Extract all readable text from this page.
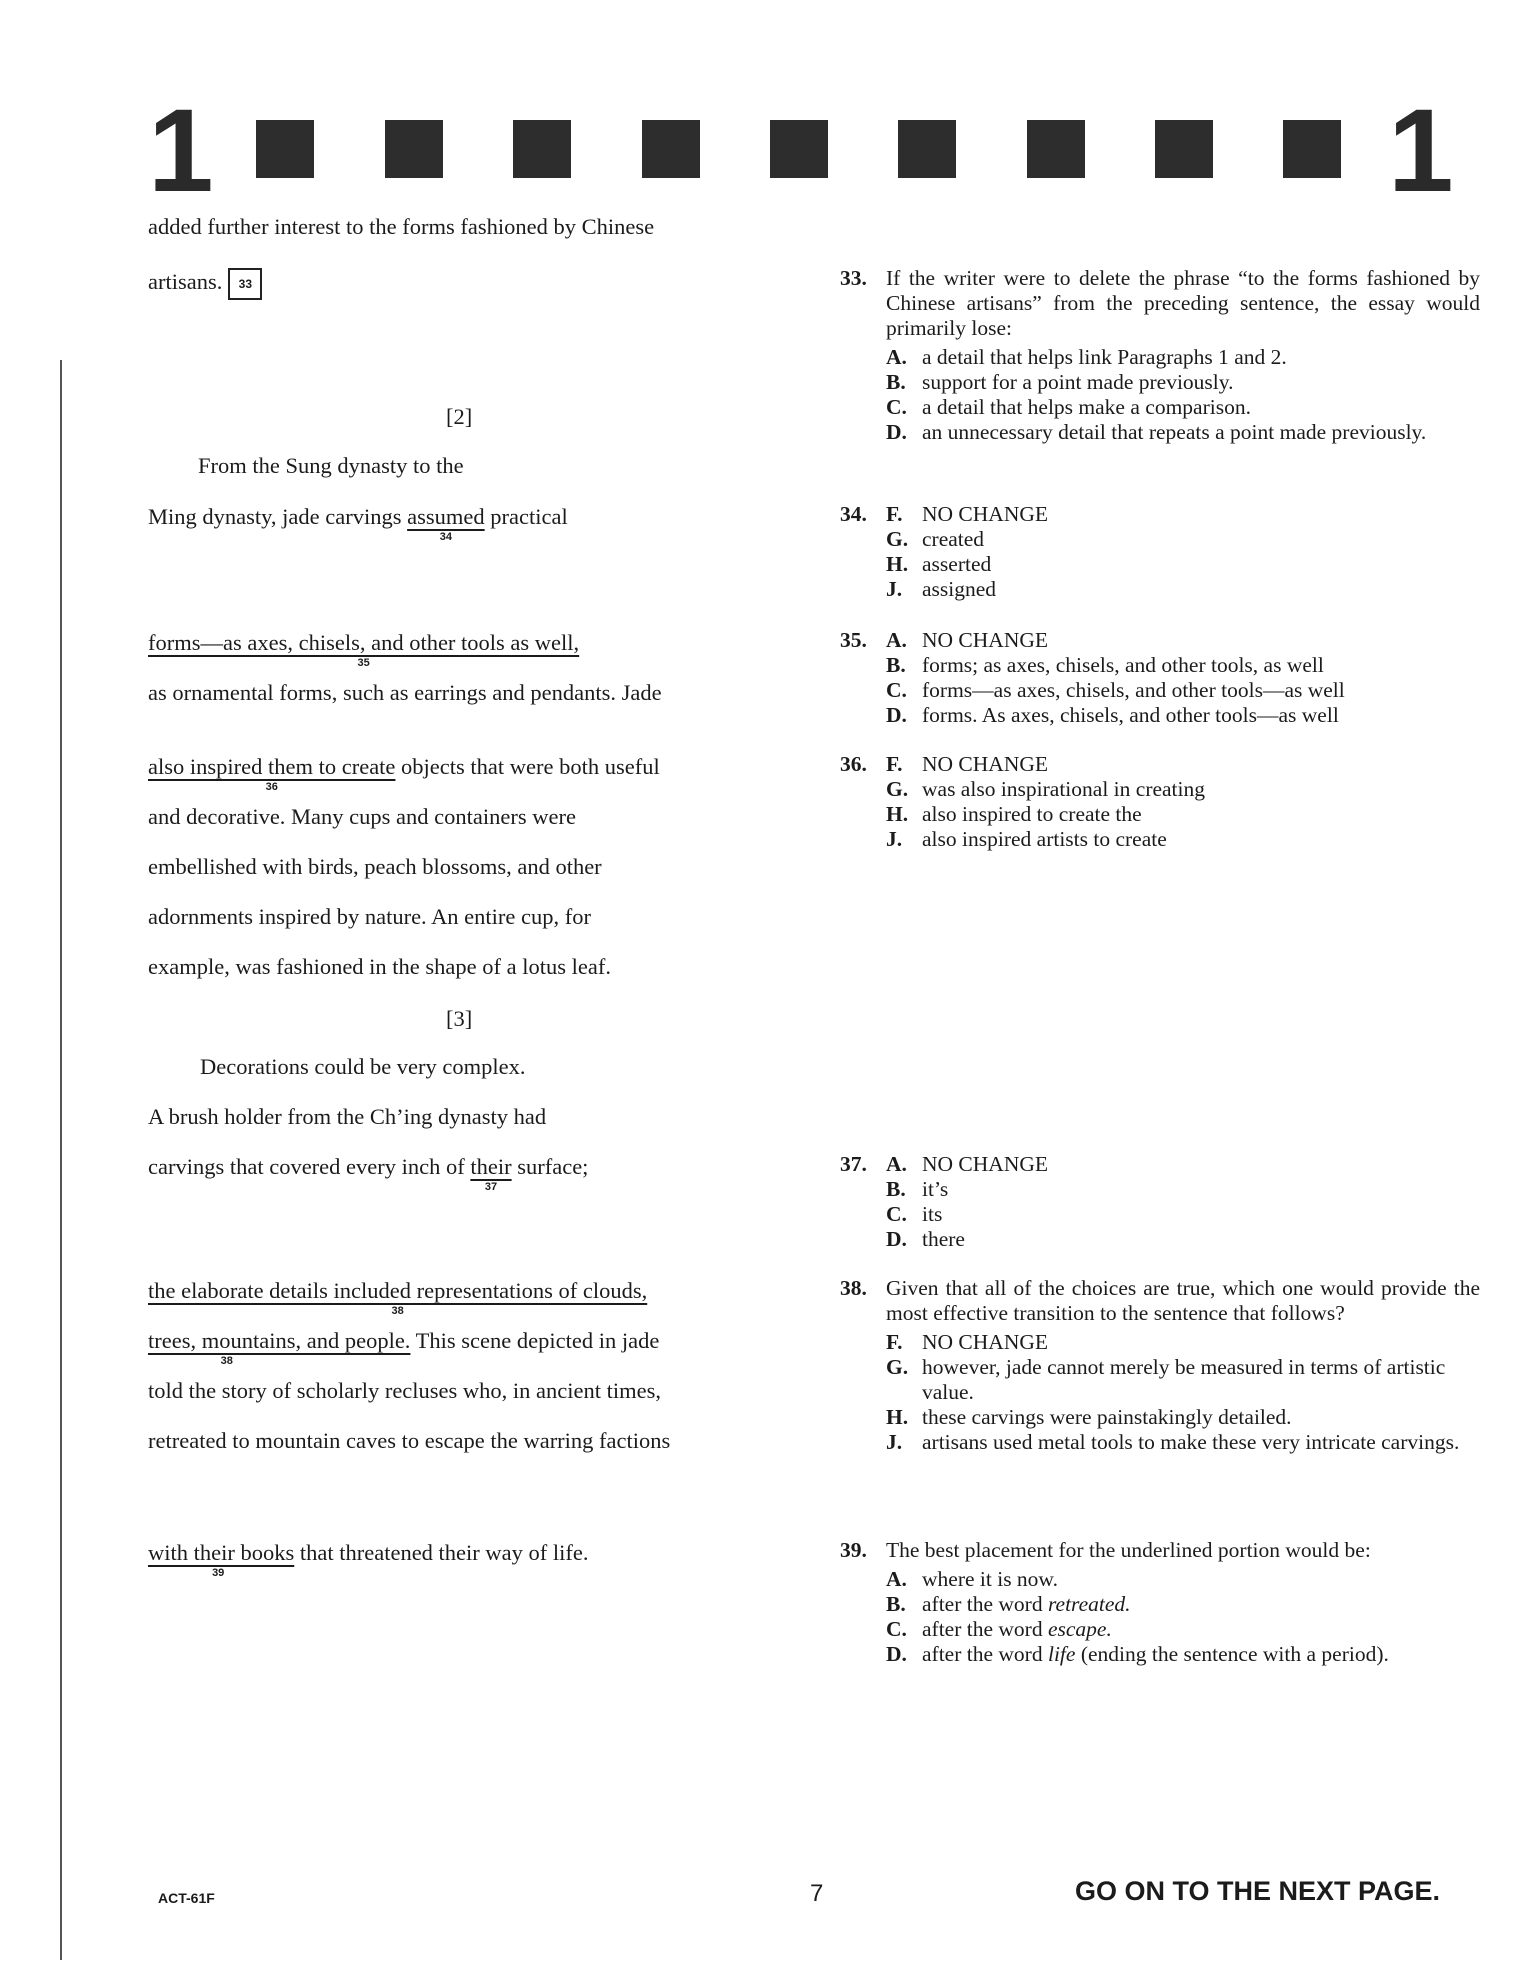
1	1
added further interest to the forms fashioned by Chinese
artisans. 33
[2]
From the Sung dynasty to the
Ming dynasty, jade carvings assumed
34
practical
forms—as axes, chisels, and other tools as well,
35
as ornamental forms, such as earrings and pendants. Jade
also inspired them to create
36
objects that were both useful
and decorative. Many cups and containers were
embellished with birds, peach blossoms, and other
adornments inspired by nature. An entire cup, for
example, was fashioned in the shape of a lotus leaf.
[3]
Decorations could be very complex.
A brush holder from the Ch’ing dynasty had
carvings that covered every inch of their
37
surface;
the elaborate details included representations of clouds,
38
trees, mountains, and people.
38
This scene depicted in jade
told the story of scholarly recluses who, in ancient times,
retreated to mountain caves to escape the warring factions
with their books
39
that threatened their way of life.
33. If the writer were to delete the phrase “to the forms fashioned by Chinese artisans” from the preceding sentence, the essay would primarily lose:
A. a detail that helps link Paragraphs 1 and 2.
B. support for a point made previously.
C. a detail that helps make a comparison.
D. an unnecessary detail that repeats a point made previously.
34. F. NO CHANGE
G. created
H. asserted
J. assigned
35. A. NO CHANGE
B. forms; as axes, chisels, and other tools, as well
C. forms—as axes, chisels, and other tools—as well
D. forms. As axes, chisels, and other tools—as well
36. F. NO CHANGE
G. was also inspirational in creating
H. also inspired to create the
J. also inspired artists to create
37. A. NO CHANGE
B. it’s
C. its
D. there
38. Given that all of the choices are true, which one would provide the most effective transition to the sentence that follows?
F. NO CHANGE
G. however, jade cannot merely be measured in terms of artistic value.
H. these carvings were painstakingly detailed.
J. artisans used metal tools to make these very intricate carvings.
39. The best placement for the underlined portion would be:
A. where it is now.
B. after the word retreated.
C. after the word escape.
D. after the word life (ending the sentence with a period).
ACT-61F	7	GO ON TO THE NEXT PAGE.
